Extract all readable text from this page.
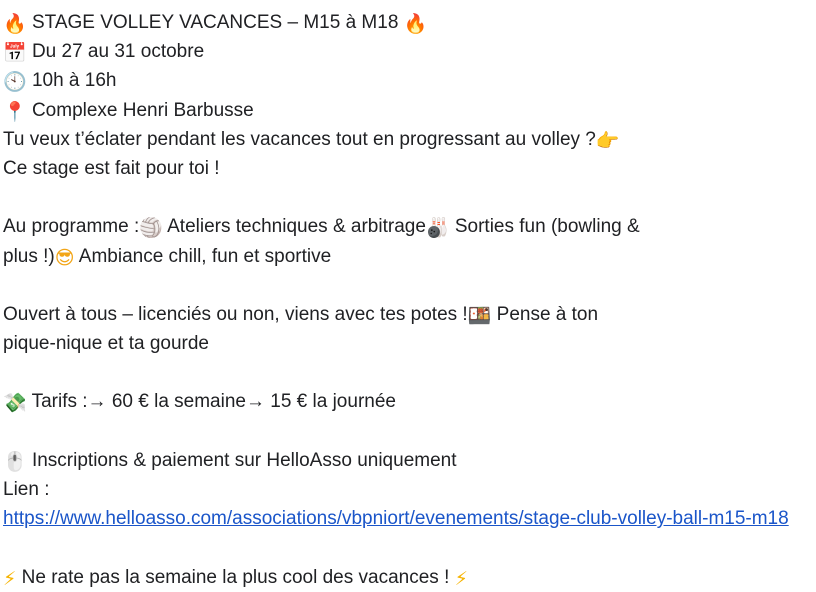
🔥 STAGE VOLLEY VACANCES – M15 à M18 🔥
📅 Du 27 au 31 octobre
🕙 10h à 16h
📍 Complexe Henri Barbusse
Tu veux t’éclater pendant les vacances tout en progressant au volley ?👉
Ce stage est fait pour toi !
Au programme :🏐 Ateliers techniques & arbitrage🎳 Sorties fun (bowling &
plus !)😎 Ambiance chill, fun et sportive
Ouvert à tous – licenciés ou non, viens avec tes potes !🍱 Pense à ton
pique-nique et ta gourde
💸 Tarifs :→ 60 € la semaine→ 15 € la journée
🖱️ Inscriptions & paiement sur HelloAsso uniquement
Lien :
https://www.helloasso.com/associations/vbpniort/evenements/stage-club-volley-ball-m15-m18
⚡ Ne rate pas la semaine la plus cool des vacances ! ⚡
